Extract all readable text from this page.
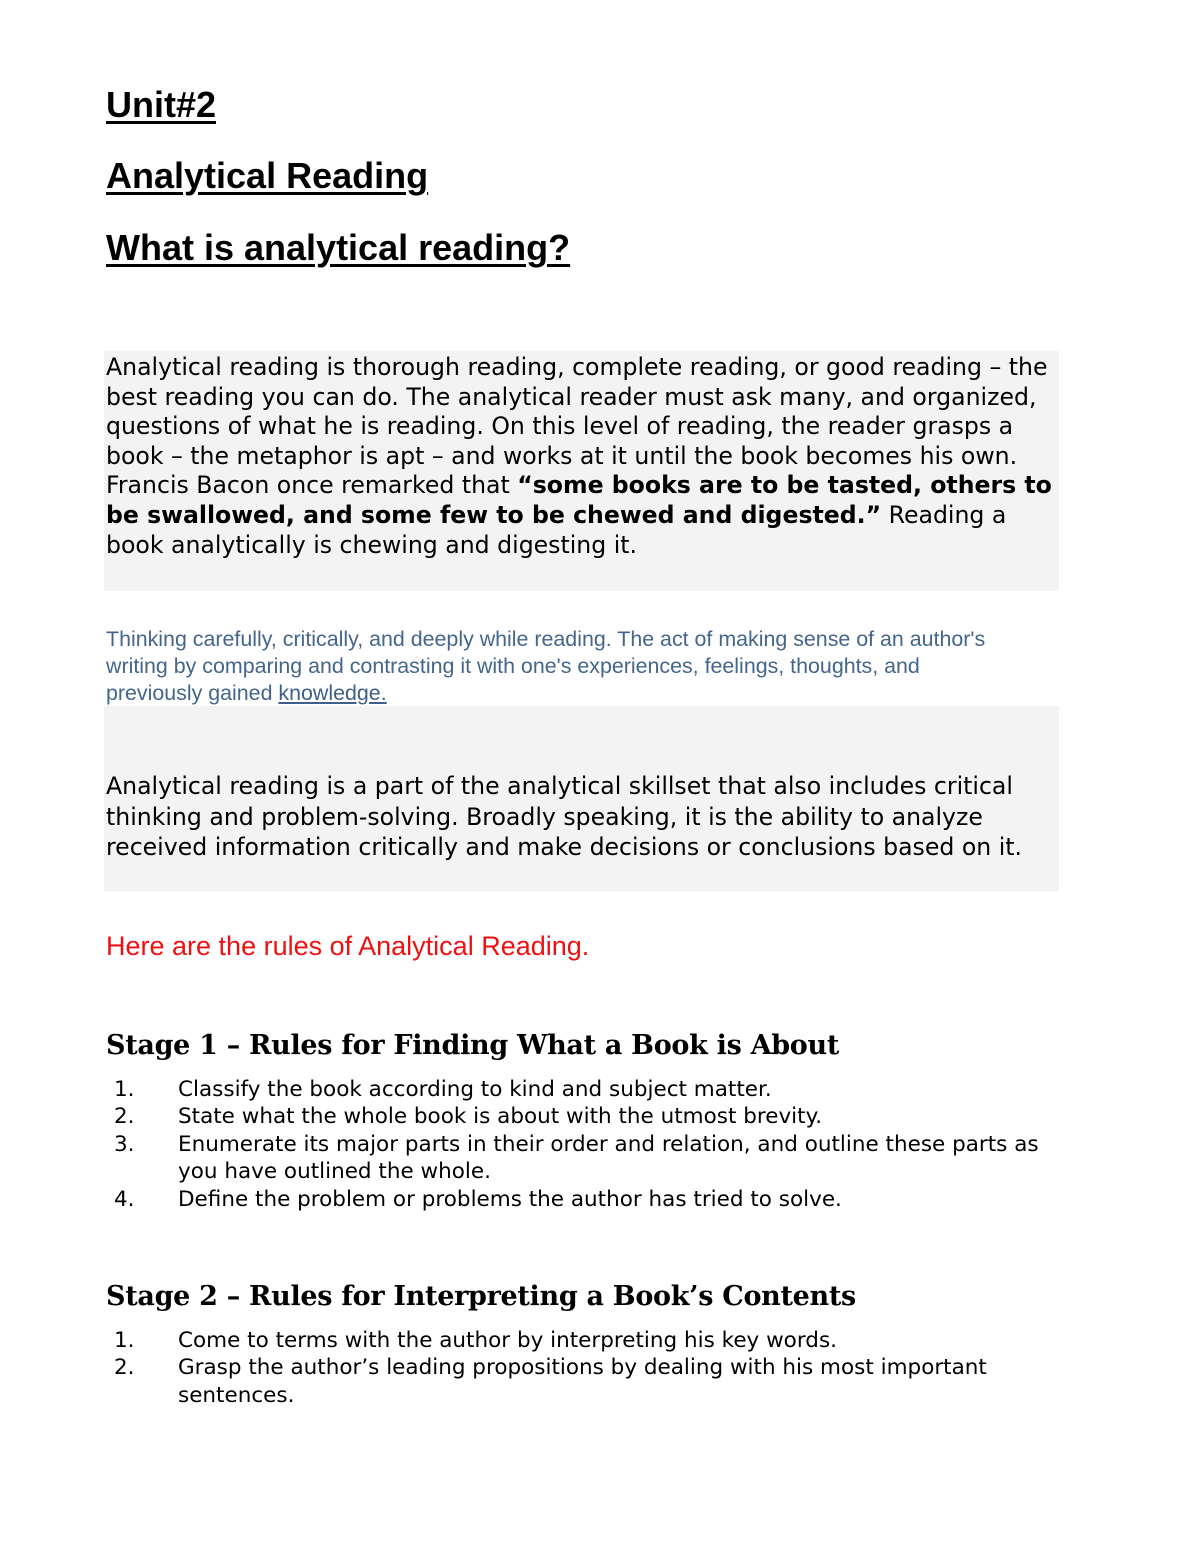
Unit#2
Analytical Reading
What is analytical reading?

Analytical reading is thorough reading, complete reading, or good reading – the best reading you can do. The analytical reader must ask many, and organized, questions of what he is reading. On this level of reading, the reader grasps a book – the metaphor is apt – and works at it until the book becomes his own. Francis Bacon once remarked that “some books are to be tasted, others to be swallowed, and some few to be chewed and digested.” Reading a book analytically is chewing and digesting it.

Thinking carefully, critically, and deeply while reading. The act of making sense of an author's writing by comparing and contrasting it with one's experiences, feelings, thoughts, and previously gained knowledge.

Analytical reading is a part of the analytical skillset that also includes critical thinking and problem-solving. Broadly speaking, it is the ability to analyze received information critically and make decisions or conclusions based on it.

Here are the rules of Analytical Reading.

Stage 1 – Rules for Finding What a Book is About
1.	Classify the book according to kind and subject matter.
2.	State what the whole book is about with the utmost brevity.
3.	Enumerate its major parts in their order and relation, and outline these parts as you have outlined the whole.
4.	Define the problem or problems the author has tried to solve.
Stage 2 – Rules for Interpreting a Book’s Contents
1.	Come to terms with the author by interpreting his key words.
2.	Grasp the author’s leading propositions by dealing with his most important sentences.
